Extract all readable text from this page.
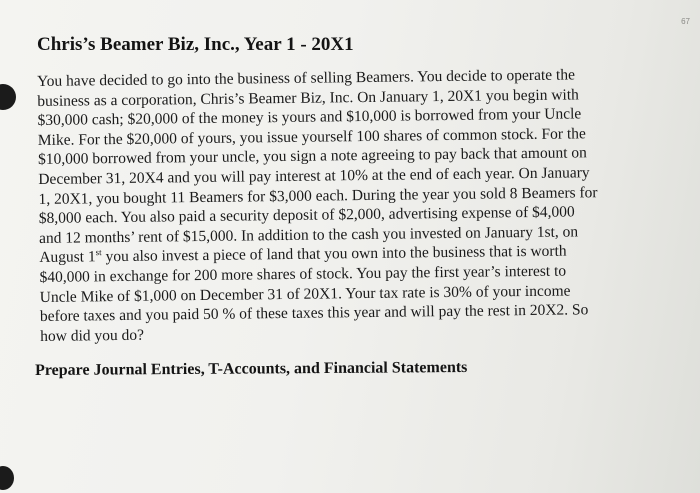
67
Chris’s Beamer Biz, Inc., Year 1 - 20X1
You have decided to go into the business of selling Beamers. You decide to operate the
business as a corporation, Chris’s Beamer Biz, Inc. On January 1, 20X1 you begin with
$30,000 cash; $20,000 of the money is yours and $10,000 is borrowed from your Uncle
Mike. For the $20,000 of yours, you issue yourself 100 shares of common stock. For the
$10,000 borrowed from your uncle, you sign a note agreeing to pay back that amount on
December 31, 20X4 and you will pay interest at 10% at the end of each year. On January
1, 20X1, you bought 11 Beamers for $3,000 each. During the year you sold 8 Beamers for
$8,000 each. You also paid a security deposit of $2,000, advertising expense of $4,000
and 12 months’ rent of $15,000. In addition to the cash you invested on January 1st, on
August 1st you also invest a piece of land that you own into the business that is worth
$40,000 in exchange for 200 more shares of stock. You pay the first year’s interest to
Uncle Mike of $1,000 on December 31 of 20X1. Your tax rate is 30% of your income
before taxes and you paid 50 % of these taxes this year and will pay the rest in 20X2. So
how did you do?

Prepare Journal Entries, T-Accounts, and Financial Statements
